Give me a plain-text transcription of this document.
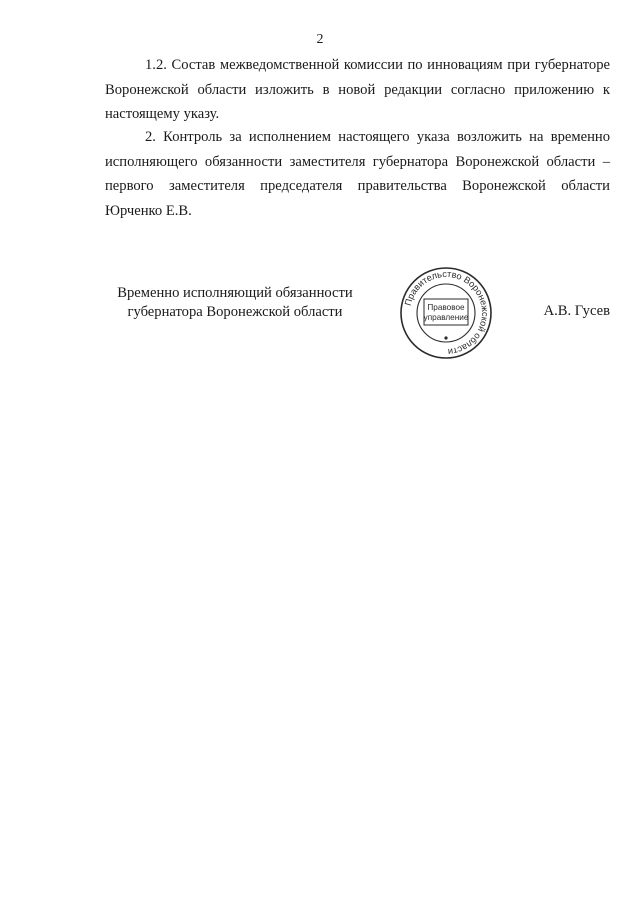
2

1.2. Состав межведомственной комиссии по инновациям при губернаторе Воронежской области изложить в новой редакции согласно приложению к настоящему указу.

2. Контроль за исполнением настоящего указа возложить на временно исполняющего обязанности заместителя губернатора Воронежской области – первого заместителя председателя правительства Воронежской области Юрченко Е.В.

Временно исполняющий обязанности
губернатора Воронежской области
Правительство Воронежской области
Правовое
управление	А.В. Гусев
